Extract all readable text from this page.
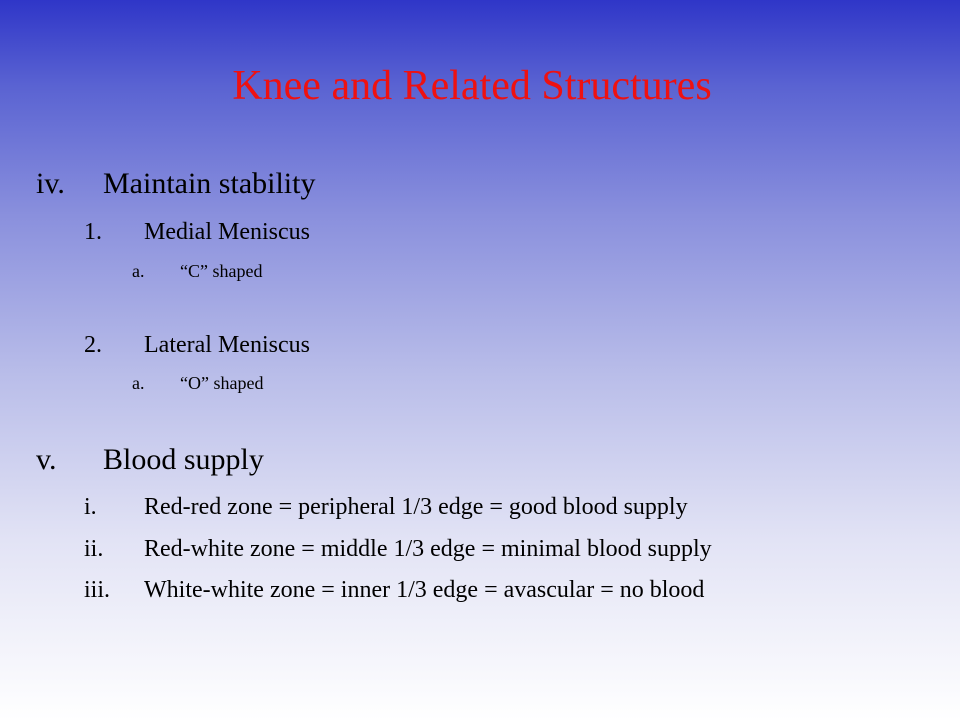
Knee and Related Structures
iv. Maintain stability
1. Medial Meniscus
a. “C” shaped
2. Lateral Meniscus
a. “O” shaped
v. Blood supply
i. Red-red zone = peripheral 1/3 edge = good blood supply
ii. Red-white zone = middle 1/3 edge = minimal blood supply
iii. White-white zone = inner 1/3 edge = avascular = no blood
